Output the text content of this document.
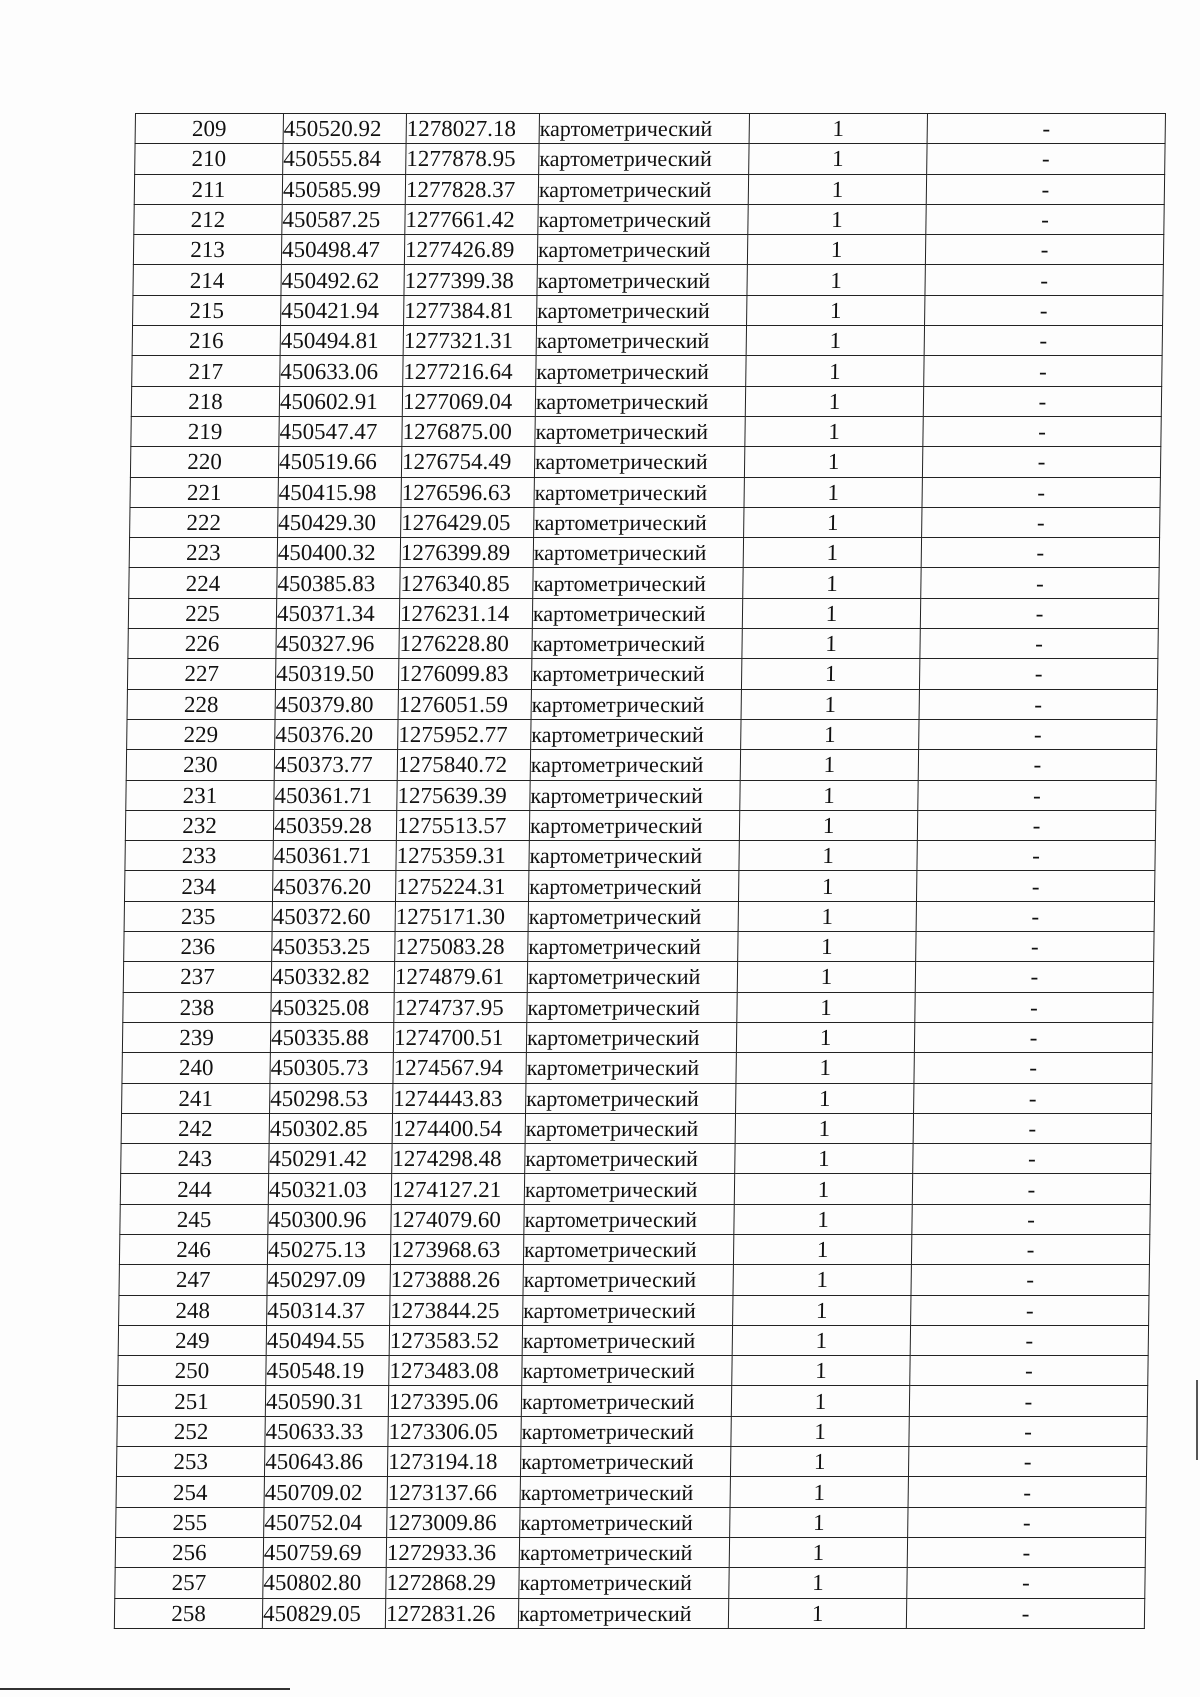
209	450520.92	1278027.18	картометрический	1	-
210	450555.84	1277878.95	картометрический	1	-
211	450585.99	1277828.37	картометрический	1	-
212	450587.25	1277661.42	картометрический	1	-
213	450498.47	1277426.89	картометрический	1	-
214	450492.62	1277399.38	картометрический	1	-
215	450421.94	1277384.81	картометрический	1	-
216	450494.81	1277321.31	картометрический	1	-
217	450633.06	1277216.64	картометрический	1	-
218	450602.91	1277069.04	картометрический	1	-
219	450547.47	1276875.00	картометрический	1	-
220	450519.66	1276754.49	картометрический	1	-
221	450415.98	1276596.63	картометрический	1	-
222	450429.30	1276429.05	картометрический	1	-
223	450400.32	1276399.89	картометрический	1	-
224	450385.83	1276340.85	картометрический	1	-
225	450371.34	1276231.14	картометрический	1	-
226	450327.96	1276228.80	картометрический	1	-
227	450319.50	1276099.83	картометрический	1	-
228	450379.80	1276051.59	картометрический	1	-
229	450376.20	1275952.77	картометрический	1	-
230	450373.77	1275840.72	картометрический	1	-
231	450361.71	1275639.39	картометрический	1	-
232	450359.28	1275513.57	картометрический	1	-
233	450361.71	1275359.31	картометрический	1	-
234	450376.20	1275224.31	картометрический	1	-
235	450372.60	1275171.30	картометрический	1	-
236	450353.25	1275083.28	картометрический	1	-
237	450332.82	1274879.61	картометрический	1	-
238	450325.08	1274737.95	картометрический	1	-
239	450335.88	1274700.51	картометрический	1	-
240	450305.73	1274567.94	картометрический	1	-
241	450298.53	1274443.83	картометрический	1	-
242	450302.85	1274400.54	картометрический	1	-
243	450291.42	1274298.48	картометрический	1	-
244	450321.03	1274127.21	картометрический	1	-
245	450300.96	1274079.60	картометрический	1	-
246	450275.13	1273968.63	картометрический	1	-
247	450297.09	1273888.26	картометрический	1	-
248	450314.37	1273844.25	картометрический	1	-
249	450494.55	1273583.52	картометрический	1	-
250	450548.19	1273483.08	картометрический	1	-
251	450590.31	1273395.06	картометрический	1	-
252	450633.33	1273306.05	картометрический	1	-
253	450643.86	1273194.18	картометрический	1	-
254	450709.02	1273137.66	картометрический	1	-
255	450752.04	1273009.86	картометрический	1	-
256	450759.69	1272933.36	картометрический	1	-
257	450802.80	1272868.29	картометрический	1	-
258	450829.05	1272831.26	картометрический	1	-
